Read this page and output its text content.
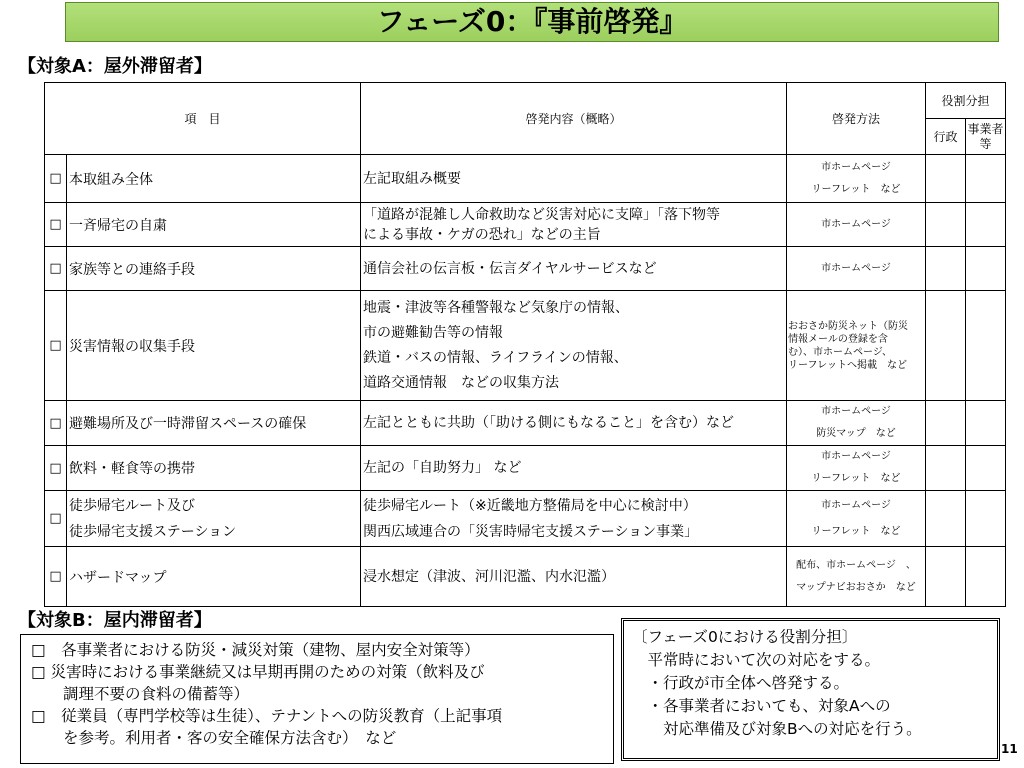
フェーズ0：『事前啓発』
【対象A：屋外滞留者】
項　目		啓発内容（概略）	啓発方法	役割分担	
				行政	事業者等
□	本取組み全体	左記取組み概要	市ホームページ
リーフレット　など		

□	一斉帰宅の自粛	「道路が混雑し人命救助など災害対応に支障」「落下物等
による事故・ケガの恐れ」などの主旨	市ホームページ		

□	家族等との連絡手段	通信会社の伝言板・伝言ダイヤルサービスなど	市ホームページ		

□	災害情報の収集手段	地震・津波等各種警報など気象庁の情報、
市の避難勧告等の情報
鉄道・バスの情報、ライフラインの情報、
道路交通情報　などの収集方法	おおさか防災ネット（防災
情報メールの登録を含
む）、市ホームページ、
リーフレットへ掲載　など		

□	避難場所及び一時滞留スペースの確保	左記とともに共助（「助ける側にもなること」を含む）など	市ホームページ
防災マップ　など		

□	飲料・軽食等の携帯	左記の「自助努力」 など	市ホームページ
リーフレット　など		

□	徒歩帰宅ルート及び
徒歩帰宅支援ステーション	徒歩帰宅ルート（※近畿地方整備局を中心に検討中）
関西広域連合の「災害時帰宅支援ステーション事業」	市ホームページ
リーフレット　など		

□	ハザードマップ	浸水想定（津波、河川氾濫、内水氾濫）	配布、市ホームページ　、
マップナビおおさか　など		

【対象B：屋内滞留者】
□　各事業者における防災・減災対策（建物、屋内安全対策等）
□ 災害時における事業継続又は早期再開のための対策（飲料及び
調理不要の食料の備蓄等）
□　従業員（専門学校等は生徒）、テナントへの防災教育（上記事項
を参考。利用者・客の安全確保方法含む）　など
〔フェーズ0における役割分担〕
　平常時において次の対応をする。
　・行政が市全体へ啓発する。
　・各事業者においても、対象Aへの
　　対応準備及び対象Bへの対応を行う。
11
